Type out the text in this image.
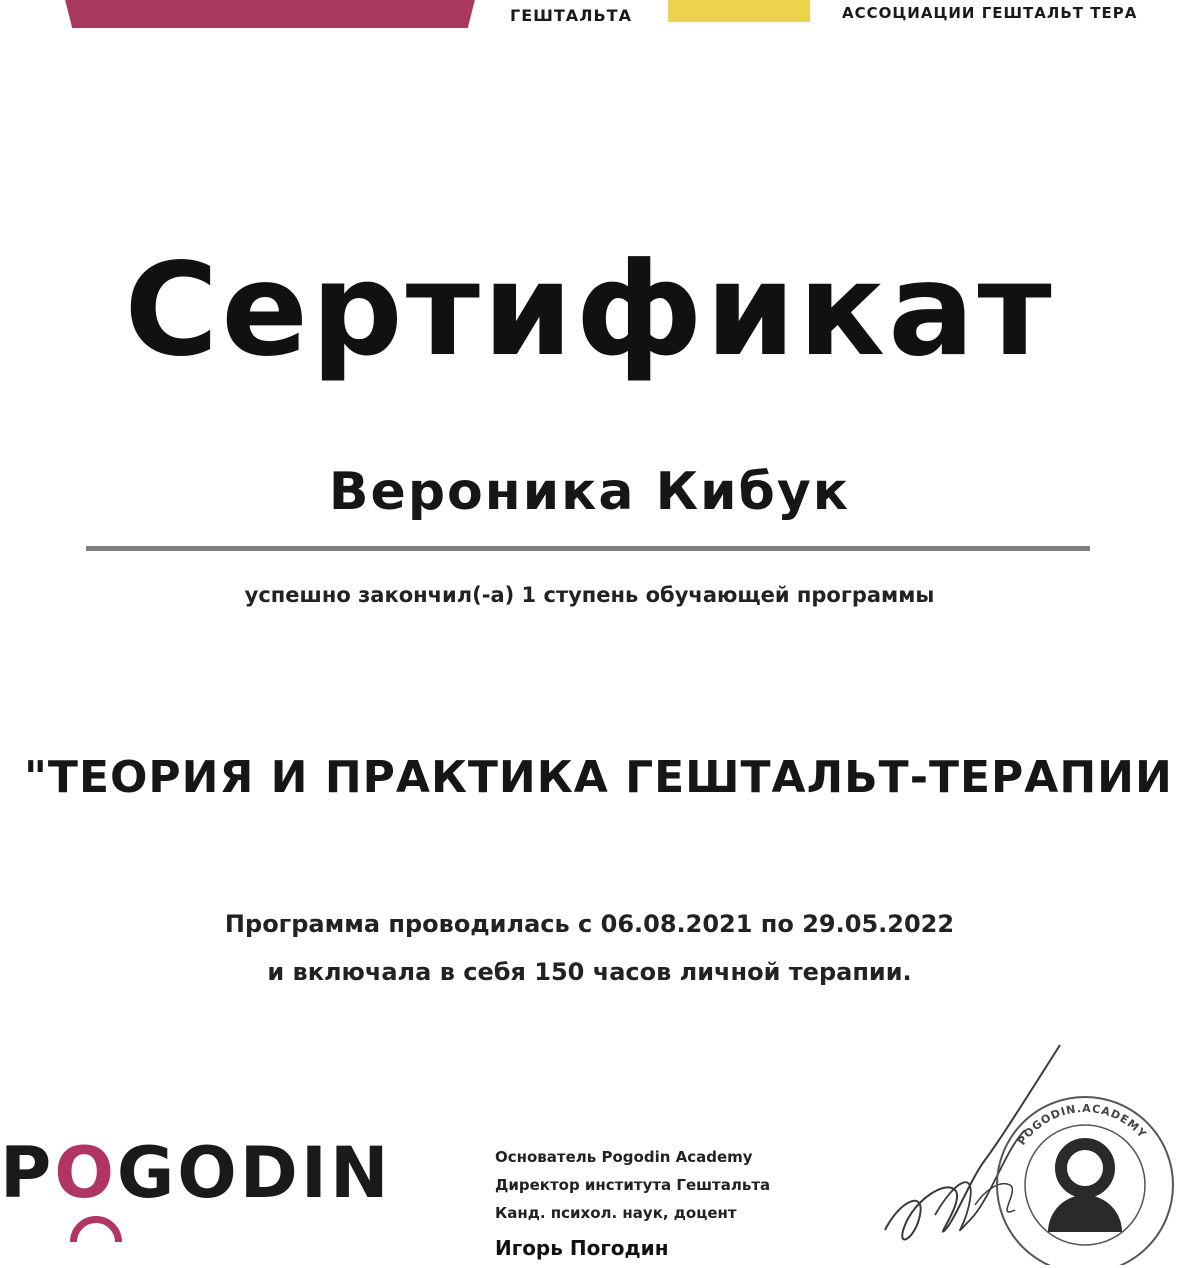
ГЕШТАЛЬТА	АССОЦИАЦИИ ГЕШТАЛЬТ ТЕРА
Сертификат
Вероника Кибук
успешно закончил(-а) 1 ступень обучающей программы
"ТЕОРИЯ И ПРАКТИКА ГЕШТАЛЬТ-ТЕРАПИИ
Программа проводилась с 06.08.2021 по 29.05.2022
и включала в себя 150 часов личной терапии.
POGODIN	Основатель Pogodin Academy
Директор института Гештальта
Канд. психол. наук, доцент
Игорь Погодин
POGODIN.ACADEMY
